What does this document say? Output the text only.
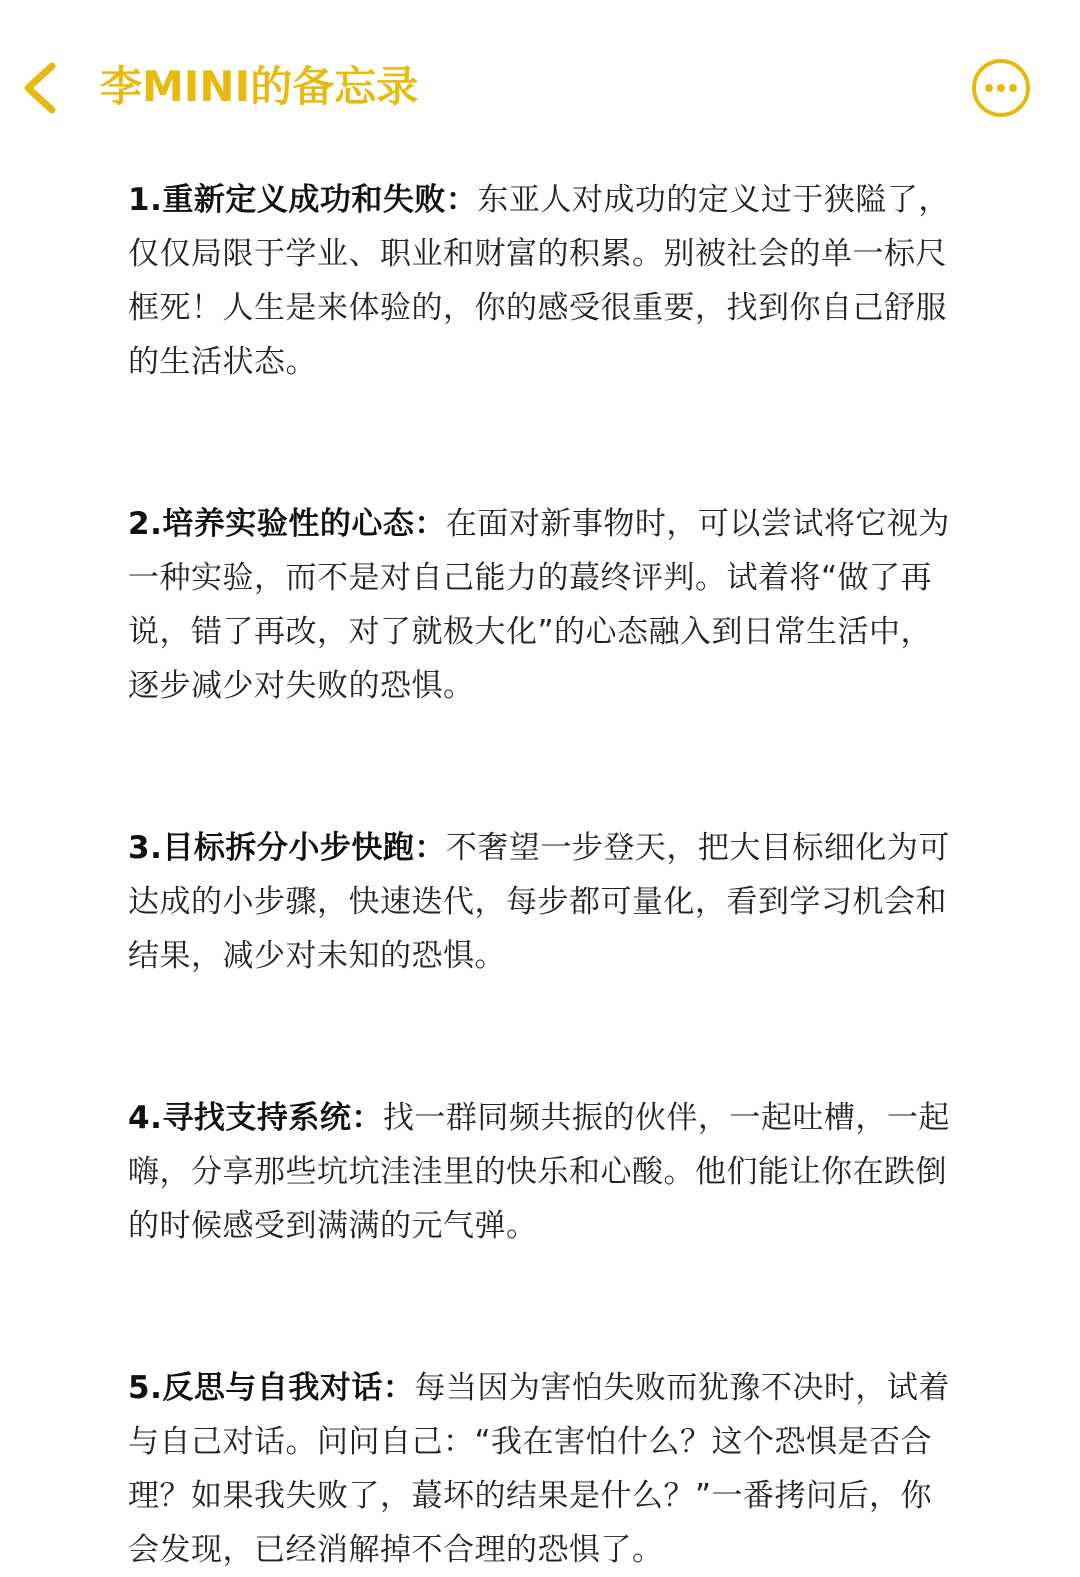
李MINI的备忘录

1.重新定义成功和失败：东亚人对成功的定义过于狭隘了，仅仅局限于学业、职业和财富的积累。别被社会的单一标尺框死！人生是来体验的，你的感受很重要，找到你自己舒服的生活状态。

2.培养实验性的心态：在面对新事物时，可以尝试将它视为一种实验，而不是对自己能力的蕞终评判。试着将“做了再说，错了再改，对了就极大化”的心态融入到日常生活中，逐步减少对失败的恐惧。

3.目标拆分小步快跑：不奢望一步登天，把大目标细化为可达成的小步骤，快速迭代，每步都可量化，看到学习机会和结果，减少对未知的恐惧。

4.寻找支持系统：找一群同频共振的伙伴，一起吐槽，一起嗨，分享那些坑坑洼洼里的快乐和心酸。他们能让你在跌倒的时候感受到满满的元气弹。

5.反思与自我对话：每当因为害怕失败而犹豫不决时，试着与自己对话。问问自己：“我在害怕什么？这个恐惧是否合理？如果我失败了，蕞坏的结果是什么？”一番拷问后，你会发现，已经消解掉不合理的恐惧了。
